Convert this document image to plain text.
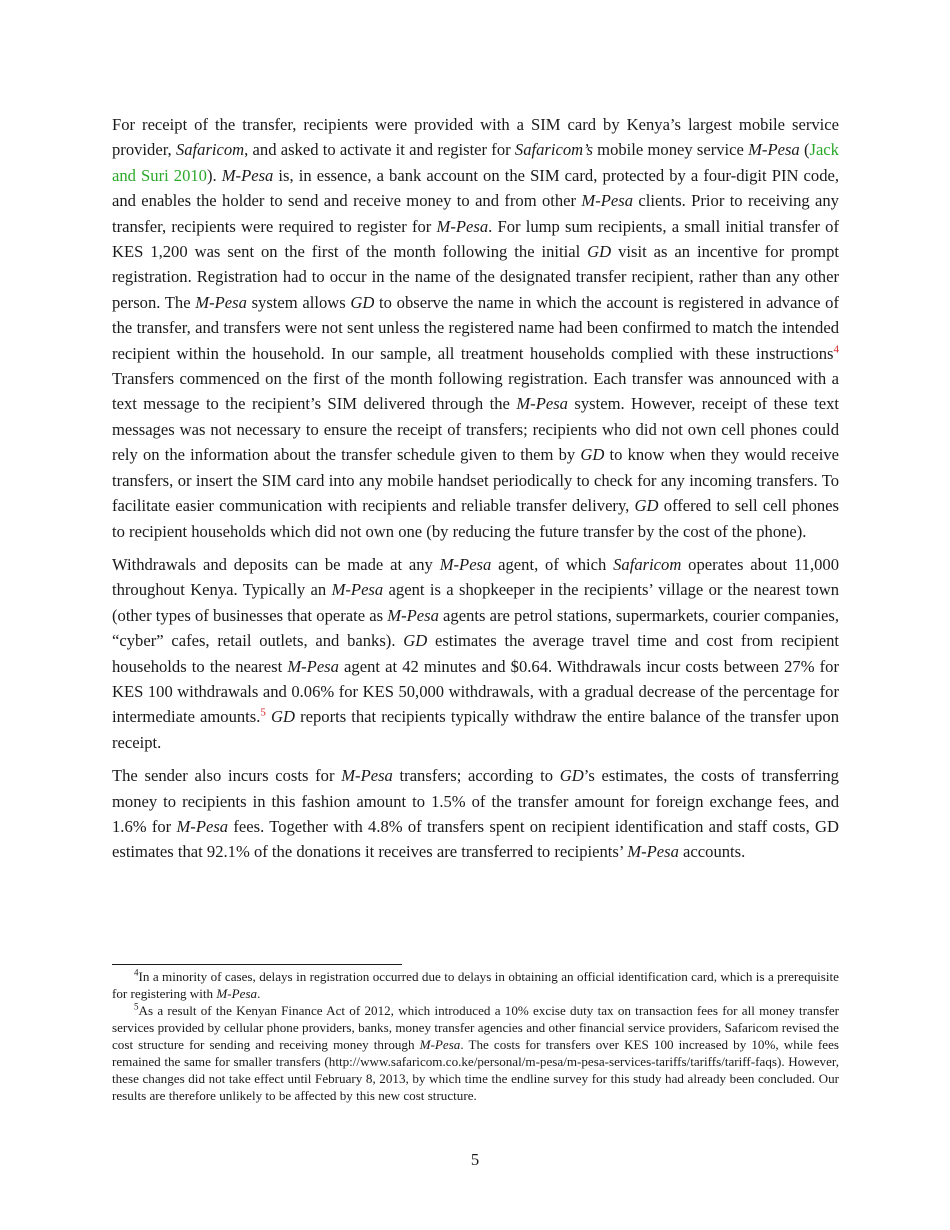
For receipt of the transfer, recipients were provided with a SIM card by Kenya’s largest mobile service provider, Safaricom, and asked to activate it and register for Safaricom’s mobile money service M-Pesa (Jack and Suri 2010). M-Pesa is, in essence, a bank account on the SIM card, protected by a four-digit PIN code, and enables the holder to send and receive money to and from other M-Pesa clients. Prior to receiving any transfer, recipients were required to register for M-Pesa. For lump sum recipients, a small initial transfer of KES 1,200 was sent on the first of the month following the initial GD visit as an incentive for prompt registration. Registration had to occur in the name of the designated transfer recipient, rather than any other person. The M-Pesa system allows GD to observe the name in which the account is registered in advance of the transfer, and transfers were not sent unless the registered name had been confirmed to match the intended recipient within the household. In our sample, all treatment households complied with these instructions$^4$ Transfers commenced on the first of the month following registration. Each transfer was announced with a text message to the recipient’s SIM delivered through the M-Pesa system. However, receipt of these text messages was not necessary to ensure the receipt of transfers; recipients who did not own cell phones could rely on the information about the transfer schedule given to them by GD to know when they would receive transfers, or insert the SIM card into any mobile handset periodically to check for any incoming transfers. To facilitate easier communication with recipients and reliable transfer delivery, GD offered to sell cell phones to recipient households which did not own one (by reducing the future transfer by the cost of the phone).

Withdrawals and deposits can be made at any M-Pesa agent, of which Safaricom operates about 11,000 throughout Kenya. Typically an M-Pesa agent is a shopkeeper in the recipients’ village or the nearest town (other types of businesses that operate as M-Pesa agents are petrol stations, supermarkets, courier companies, “cyber” cafes, retail outlets, and banks). GD estimates the average travel time and cost from recipient households to the nearest M-Pesa agent at 42 minutes and $0.64. Withdrawals incur costs between 27% for KES 100 withdrawals and 0.06% for KES 50,000 withdrawals, with a gradual decrease of the percentage for intermediate amounts.$^5$ GD reports that recipients typically withdraw the entire balance of the transfer upon receipt.

The sender also incurs costs for M-Pesa transfers; according to GD’s estimates, the costs of transferring money to recipients in this fashion amount to 1.5% of the transfer amount for foreign exchange fees, and 1.6% for M-Pesa fees. Together with 4.8% of transfers spent on recipient identification and staff costs, GD estimates that 92.1% of the donations it receives are transferred to recipients’ M-Pesa accounts.

$^4$In a minority of cases, delays in registration occurred due to delays in obtaining an official identification card, which is a prerequisite for registering with M-Pesa.

$^5$As a result of the Kenyan Finance Act of 2012, which introduced a 10% excise duty tax on transaction fees for all money transfer services provided by cellular phone providers, banks, money transfer agencies and other financial service providers, Safaricom revised the cost structure for sending and receiving money through M-Pesa. The costs for transfers over KES 100 increased by 10%, while fees remained the same for smaller transfers (http://www.safaricom.co.ke/personal/m-pesa/m-pesa-services-tariffs/tariffs/tariff-faqs). However, these changes did not take effect until February 8, 2013, by which time the endline survey for this study had already been concluded. Our results are therefore unlikely to be affected by this new cost structure.

5
